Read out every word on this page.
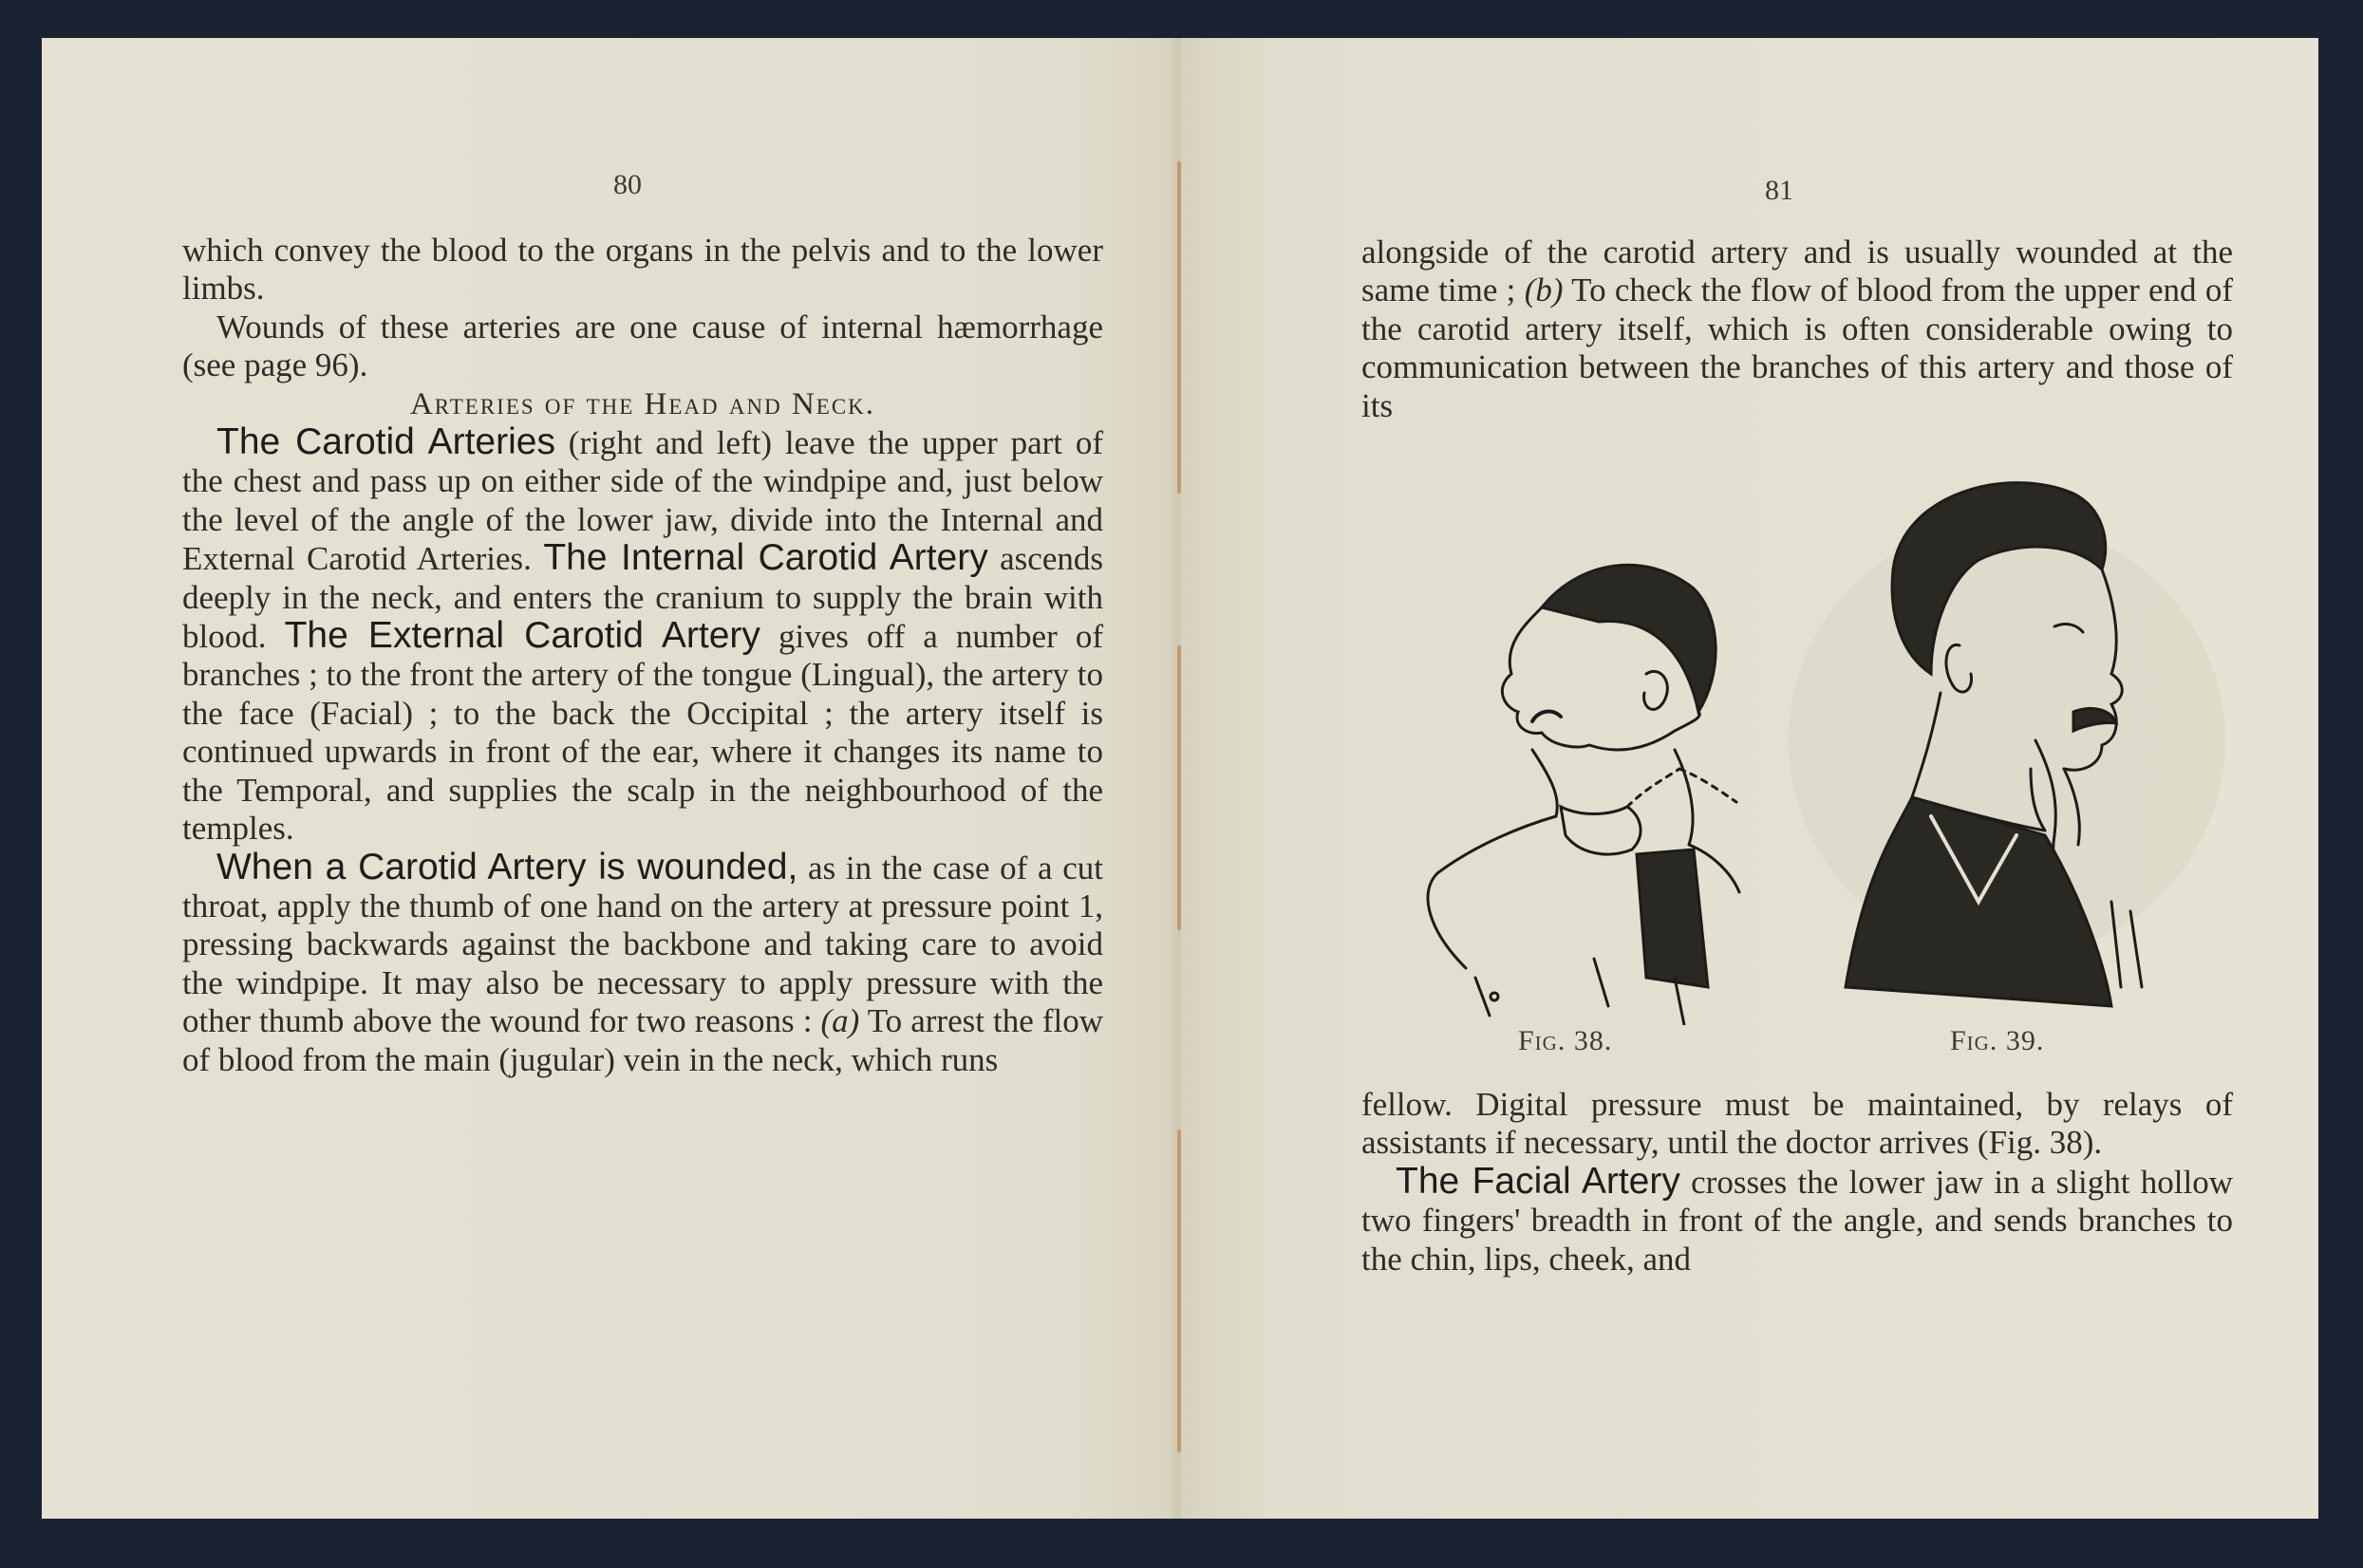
80

which convey the blood to the organs in the pelvis and to the lower limbs.

Wounds of these arteries are one cause of internal hæmorrhage (see page 96).

Arteries of the Head and Neck.

The Carotid Arteries (right and left) leave the upper part of the chest and pass up on either side of the windpipe and, just below the level of the angle of the lower jaw, divide into the Internal and External Carotid Arteries. The Internal Carotid Artery ascends deeply in the neck, and enters the cranium to supply the brain with blood. The External Carotid Artery gives off a number of branches ; to the front the artery of the tongue (Lingual), the artery to the face (Facial) ; to the back the Occipital ; the artery itself is continued upwards in front of the ear, where it changes its name to the Temporal, and supplies the scalp in the neighbourhood of the temples.

When a Carotid Artery is wounded, as in the case of a cut throat, apply the thumb of one hand on the artery at pressure point 1, pressing backwards against the backbone and taking care to avoid the windpipe. It may also be necessary to apply pressure with the other thumb above the wound for two reasons : (a) To arrest the flow of blood from the main (jugular) vein in the neck, which runs

81

alongside of the carotid artery and is usually wounded at the same time ; (b) To check the flow of blood from the upper end of the carotid artery itself, which is often considerable owing to communication between the branches of this artery and those of its

Fig. 38.	Fig. 39.

fellow. Digital pressure must be maintained, by relays of assistants if necessary, until the doctor arrives (Fig. 38).

The Facial Artery crosses the lower jaw in a slight hollow two fingers' breadth in front of the angle, and sends branches to the chin, lips, cheek, and
